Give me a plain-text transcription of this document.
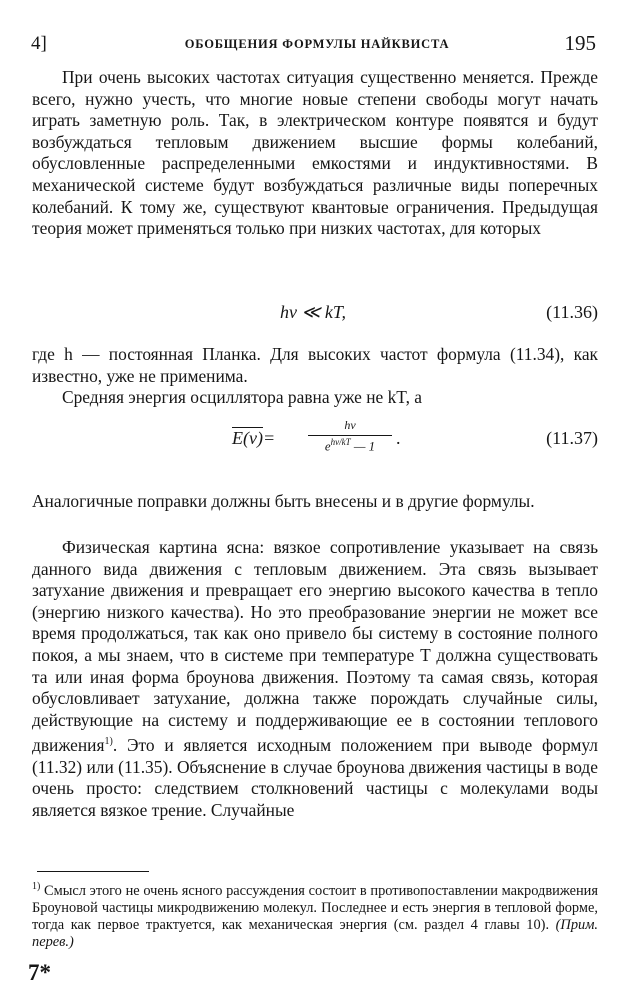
4]	ОБОБЩЕНИЯ ФОРМУЛЫ НАЙКВИСТА	195

При очень высоких частотах ситуация существенно меняется. Прежде всего, нужно учесть, что многие новые степени свободы могут начать играть заметную роль. Так, в электрическом контуре появятся и будут возбуждаться тепловым движением высшие формы колебаний, обусловленные распределенными емкостями и индуктивностями. В механической системе будут возбуждаться различные виды поперечных колебаний. К тому же, существуют квантовые ограничения. Предыдущая теория может применяться только при низких частотах, для которых

hν ≪ kT,	(11.36)

где h — постоянная Планка. Для высоких частот формула (11.34), как известно, уже не применима.

Средняя энергия осциллятора равна уже не kT, а

E(ν)=
hν
$e^{h\nu/kT}$ — 1	.	(11.37)

Аналогичные поправки должны быть внесены и в другие формулы.

Физическая картина ясна: вязкое сопротивление указывает на связь данного вида движения с тепловым движением. Эта связь вызывает затухание движения и превращает его энергию высокого качества в тепло (энергию низкого качества). Но это преобразование энергии не может все время продолжаться, так как оно привело бы систему в состояние полного покоя, а мы знаем, что в системе при температуре T должна существовать та или иная форма броунова движения. Поэтому та самая связь, которая обусловливает затухание, должна также порождать случайные силы, действующие на систему и поддерживающие ее в состоянии теплового движения$^{1)}$. Это и является исходным положением при выводе формул (11.32) или (11.35). Объяснение в случае броунова движения частицы в воде очень просто: следствием столкновений частицы с молекулами воды является вязкое трение. Случайные

$^{1)}$ Смысл этого не очень ясного рассуждения состоит в противопоставлении макродвижения Броуновой частицы микродвижению молекул. Последнее и есть энергия в тепловой форме, тогда как первое трактуется, как механическая энергия (см. раздел 4 главы 10). (Прим. перев.)
7*
